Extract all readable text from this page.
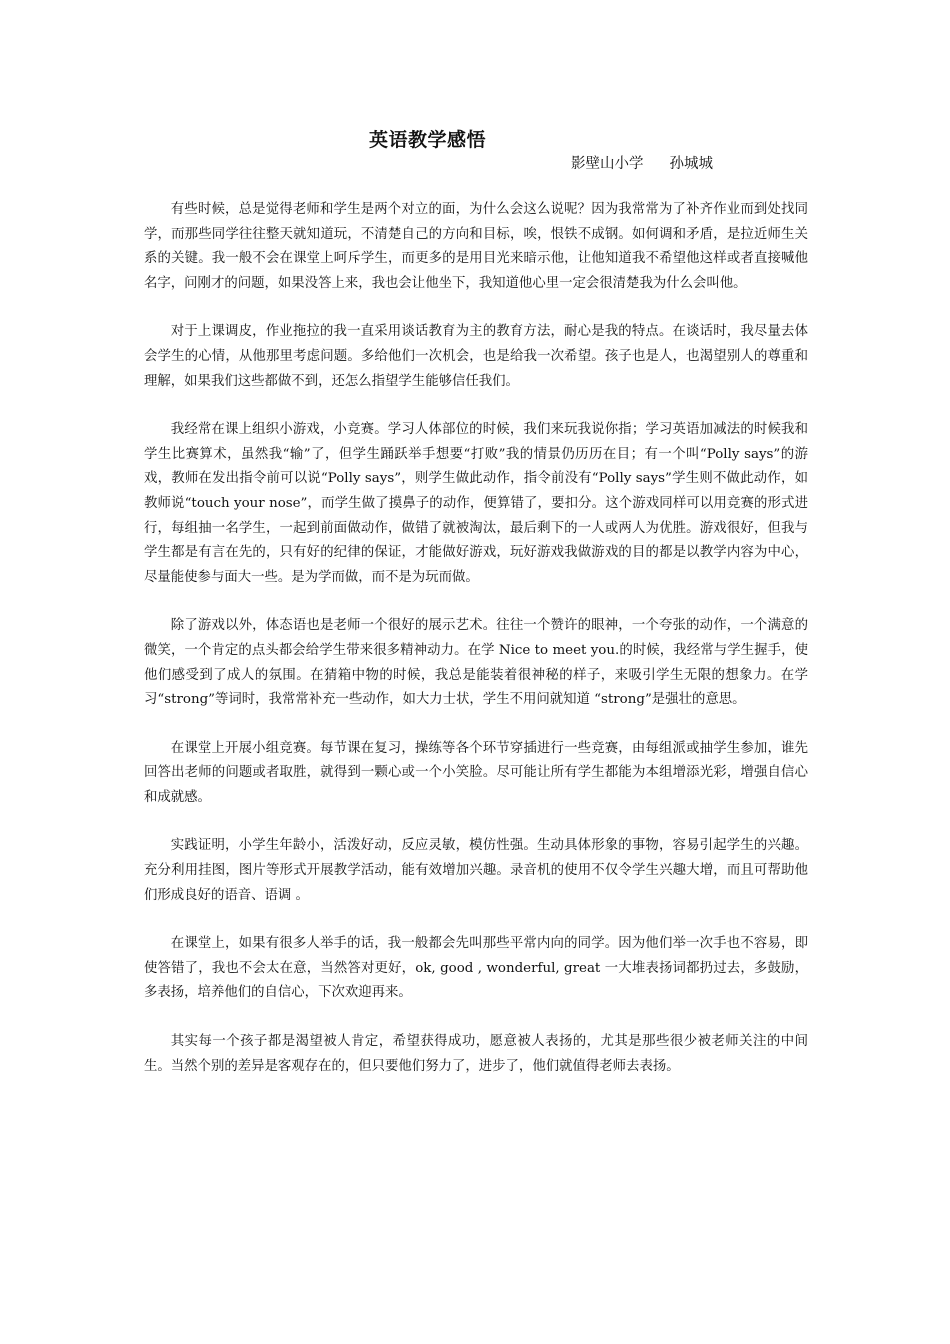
英语教学感悟
影壁山小学 孙城城

有些时候，总是觉得老师和学生是两个对立的面，为什么会这么说呢？因为我常常为了补齐作业而到处找同学，而那些同学往往整天就知道玩，不清楚自己的方向和目标，唉，恨铁不成钢。如何调和矛盾，是拉近师生关系的关键。我一般不会在课堂上呵斥学生，而更多的是用目光来暗示他，让他知道我不希望他这样或者直接喊他名字，问刚才的问题，如果没答上来，我也会让他坐下，我知道他心里一定会很清楚我为什么会叫他。

对于上课调皮，作业拖拉的我一直采用谈话教育为主的教育方法，耐心是我的特点。在谈话时，我尽量去体会学生的心情，从他那里考虑问题。多给他们一次机会，也是给我一次希望。孩子也是人，也渴望别人的尊重和理解，如果我们这些都做不到，还怎么指望学生能够信任我们。

我经常在课上组织小游戏，小竞赛。学习人体部位的时候，我们来玩我说你指；学习英语加减法的时候我和学生比赛算术，虽然我“输”了，但学生踊跃举手想要“打败”我的情景仍历历在目；有一个叫“Polly says”的游戏，教师在发出指令前可以说“Polly says”，则学生做此动作，指令前没有“Polly says”学生则不做此动作，如教师说“touch your nose”，而学生做了摸鼻子的动作，便算错了，要扣分。这个游戏同样可以用竞赛的形式进行，每组抽一名学生，一起到前面做动作，做错了就被淘汰，最后剩下的一人或两人为优胜。游戏很好，但我与学生都是有言在先的，只有好的纪律的保证，才能做好游戏，玩好游戏我做游戏的目的都是以教学内容为中心，尽量能使参与面大一些。是为学而做，而不是为玩而做。

除了游戏以外，体态语也是老师一个很好的展示艺术。往往一个赞许的眼神，一个夸张的动作，一个满意的微笑，一个肯定的点头都会给学生带来很多精神动力。在学 Nice to meet you.的时候，我经常与学生握手，使他们感受到了成人的氛围。在猜箱中物的时候，我总是能装着很神秘的样子，来吸引学生无限的想象力。在学习“strong”等词时，我常常补充一些动作，如大力士状，学生不用问就知道 “strong”是强壮的意思。

在课堂上开展小组竞赛。每节课在复习，操练等各个环节穿插进行一些竞赛，由每组派或抽学生参加，谁先回答出老师的问题或者取胜，就得到一颗心或一个小笑脸。尽可能让所有学生都能为本组增添光彩，增强自信心和成就感。

实践证明，小学生年龄小，活泼好动，反应灵敏，模仿性强。生动具体形象的事物，容易引起学生的兴趣。充分利用挂图，图片等形式开展教学活动，能有效增加兴趣。录音机的使用不仅令学生兴趣大增，而且可帮助他们形成良好的语音、语调 。

在课堂上，如果有很多人举手的话，我一般都会先叫那些平常内向的同学。因为他们举一次手也不容易，即使答错了，我也不会太在意，当然答对更好，ok, good , wonderful, great 一大堆表扬词都扔过去，多鼓励，多表扬，培养他们的自信心，下次欢迎再来。

其实每一个孩子都是渴望被人肯定，希望获得成功，愿意被人表扬的，尤其是那些很少被老师关注的中间生。当然个别的差异是客观存在的，但只要他们努力了，进步了，他们就值得老师去表扬。
